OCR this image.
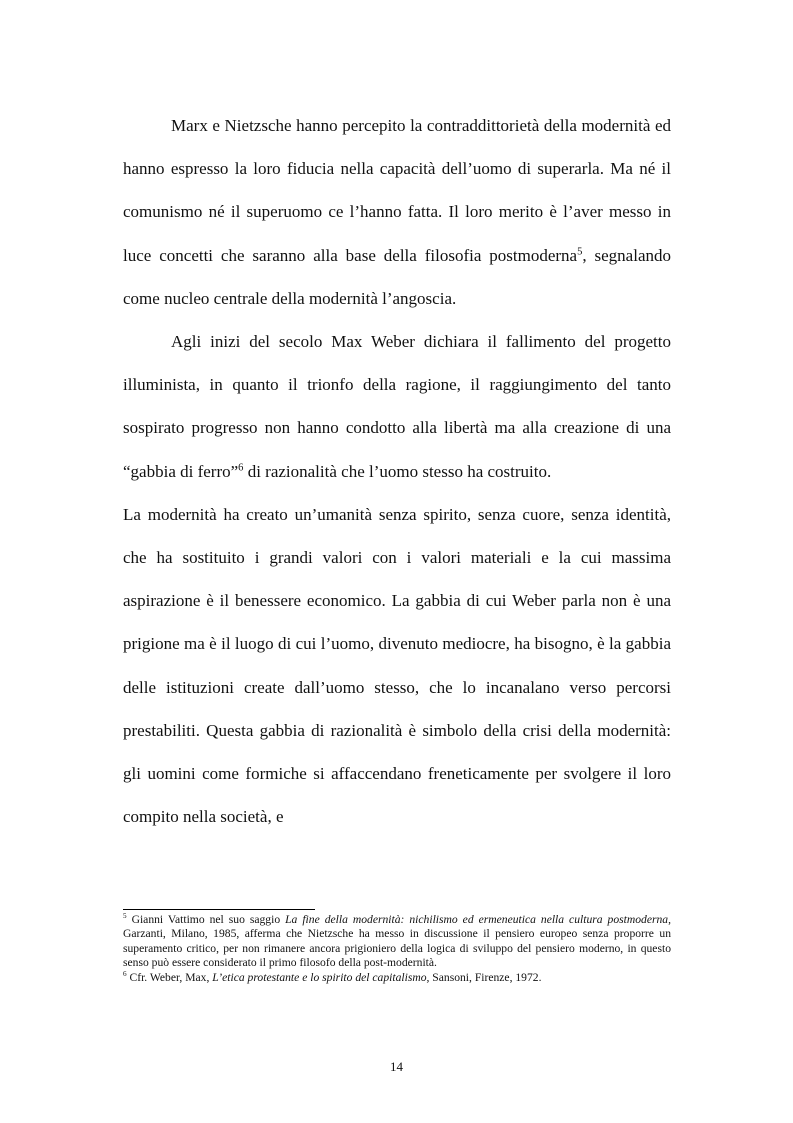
Marx e Nietzsche hanno percepito la contraddittorietà della modernità ed hanno espresso la loro fiducia nella capacità dell’uomo di superarla. Ma né il comunismo né il superuomo ce l’hanno fatta. Il loro merito è l’aver messo in luce concetti che saranno alla base della filosofia postmoderna$^5$, segnalando come nucleo centrale della modernità l’angoscia.

Agli inizi del secolo Max Weber dichiara il fallimento del progetto illuminista, in quanto il trionfo della ragione, il raggiungimento del tanto sospirato progresso non hanno condotto alla libertà ma alla creazione di una “gabbia di ferro”$^6$ di razionalità che l’uomo stesso ha costruito.

La modernità ha creato un’umanità senza spirito, senza cuore, senza identità, che ha sostituito i grandi valori con i valori materiali e la cui massima aspirazione è il benessere economico. La gabbia di cui Weber parla non è una prigione ma è il luogo di cui l’uomo, divenuto mediocre, ha bisogno, è la gabbia delle istituzioni create dall’uomo stesso, che lo incanalano verso percorsi prestabiliti. Questa gabbia di razionalità è simbolo della crisi della modernità: gli uomini come formiche si affaccendano freneticamente per svolgere il loro compito nella società, e

$^5$ Gianni Vattimo nel suo saggio La fine della modernità: nichilismo ed ermeneutica nella cultura postmoderna, Garzanti, Milano, 1985, afferma che Nietzsche ha messo in discussione il pensiero europeo senza proporre un superamento critico, per non rimanere ancora prigioniero della logica di sviluppo del pensiero moderno, in questo senso può essere considerato il primo filosofo della post-modernità.

$^6$ Cfr. Weber, Max, L’etica protestante e lo spirito del capitalismo, Sansoni, Firenze, 1972.

14
